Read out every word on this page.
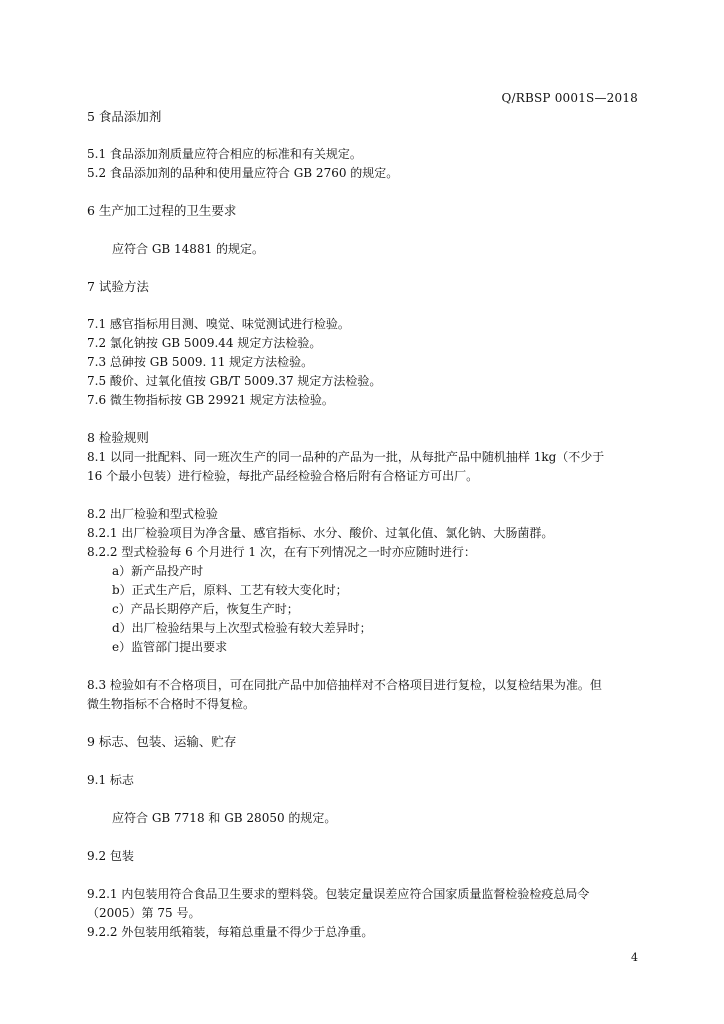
Q/RBSP 0001S—2018
5 食品添加剂
5.1 食品添加剂质量应符合相应的标准和有关规定。
5.2 食品添加剂的品种和使用量应符合 GB 2760 的规定。
6 生产加工过程的卫生要求
应符合 GB 14881 的规定。
7 试验方法
7.1 感官指标用目测、嗅觉、味觉测试进行检验。
7.2 氯化钠按 GB 5009.44 规定方法检验。
7.3 总砷按 GB 5009. 11 规定方法检验。
7.5 酸价、过氧化值按 GB/T 5009.37 规定方法检验。
7.6 微生物指标按 GB 29921 规定方法检验。
8 检验规则
8.1 以同一批配料、同一班次生产的同一品种的产品为一批，从每批产品中随机抽样 1kg（不少于
16 个最小包装）进行检验，每批产品经检验合格后附有合格证方可出厂。
8.2 出厂检验和型式检验
8.2.1 出厂检验项目为净含量、感官指标、水分、酸价、过氧化值、氯化钠、大肠菌群。
8.2.2 型式检验每 6 个月进行 1 次，在有下列情况之一时亦应随时进行：
a）新产品投产时
b）正式生产后，原料、工艺有较大变化时；
c）产品长期停产后，恢复生产时；
d）出厂检验结果与上次型式检验有较大差异时；
e）监管部门提出要求
8.3 检验如有不合格项目，可在同批产品中加倍抽样对不合格项目进行复检，以复检结果为准。但
微生物指标不合格时不得复检。
9 标志、包装、运输、贮存
9.1 标志
应符合 GB 7718 和 GB 28050 的规定。
9.2 包装
9.2.1 内包装用符合食品卫生要求的塑料袋。包装定量误差应符合国家质量监督检验检疫总局令
（2005）第 75 号。
9.2.2 外包装用纸箱装，每箱总重量不得少于总净重。
4
